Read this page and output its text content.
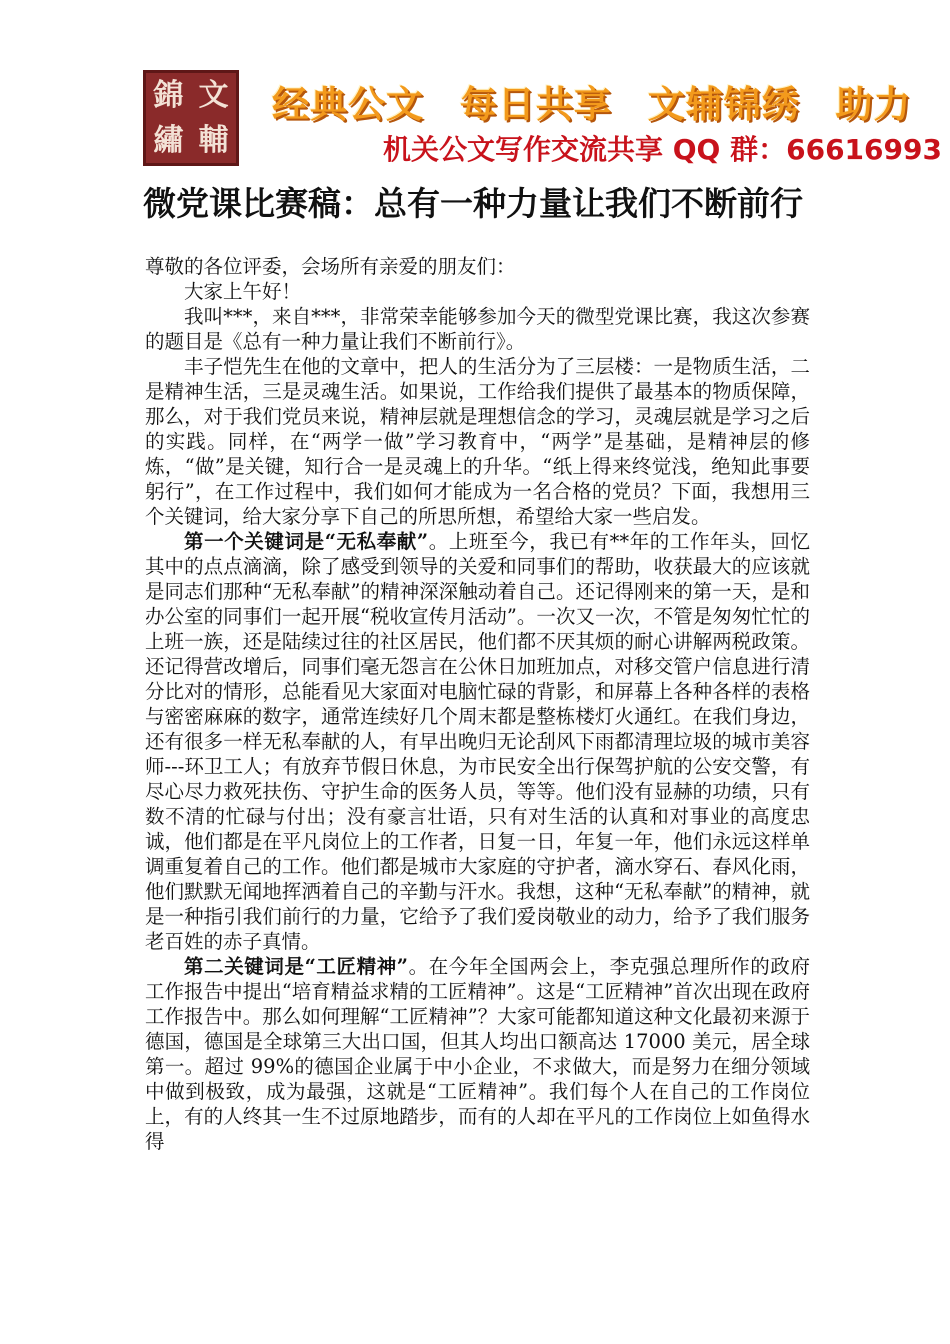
錦 文
繡 輔
经典公文 每日共享 文辅锦绣 助力
机关公文写作交流共享 QQ 群：66616993
微党课比赛稿：总有一种力量让我们不断前行

尊敬的各位评委，会场所有亲爱的朋友们：

大家上午好！

我叫***，来自***，非常荣幸能够参加今天的微型党课比赛，我这次参赛的题目是《总有一种力量让我们不断前行》。

丰子恺先生在他的文章中，把人的生活分为了三层楼：一是物质生活，二是精神生活，三是灵魂生活。如果说，工作给我们提供了最基本的物质保障，那么，对于我们党员来说，精神层就是理想信念的学习，灵魂层就是学习之后的实践。同样，在“两学一做”学习教育中，“两学”是基础，是精神层的修炼，“做”是关键，知行合一是灵魂上的升华。“纸上得来终觉浅，绝知此事要躬行”，在工作过程中，我们如何才能成为一名合格的党员？下面，我想用三个关键词，给大家分享下自己的所思所想，希望给大家一些启发。

第一个关键词是“无私奉献”。上班至今，我已有**年的工作年头，回忆其中的点点滴滴，除了感受到领导的关爱和同事们的帮助，收获最大的应该就是同志们那种“无私奉献”的精神深深触动着自己。还记得刚来的第一天，是和办公室的同事们一起开展“税收宣传月活动”。一次又一次，不管是匆匆忙忙的上班一族，还是陆续过往的社区居民，他们都不厌其烦的耐心讲解两税政策。还记得营改增后，同事们毫无怨言在公休日加班加点，对移交管户信息进行清分比对的情形，总能看见大家面对电脑忙碌的背影，和屏幕上各种各样的表格与密密麻麻的数字，通常连续好几个周末都是整栋楼灯火通红。在我们身边，还有很多一样无私奉献的人，有早出晚归无论刮风下雨都清理垃圾的城市美容师---环卫工人；有放弃节假日休息，为市民安全出行保驾护航的公安交警，有尽心尽力救死扶伤、守护生命的医务人员，等等。他们没有显赫的功绩，只有数不清的忙碌与付出；没有豪言壮语，只有对生活的认真和对事业的高度忠诚，他们都是在平凡岗位上的工作者，日复一日，年复一年，他们永远这样单调重复着自己的工作。他们都是城市大家庭的守护者，滴水穿石、春风化雨，他们默默无闻地挥洒着自己的辛勤与汗水。我想，这种“无私奉献”的精神，就是一种指引我们前行的力量，它给予了我们爱岗敬业的动力，给予了我们服务老百姓的赤子真情。

第二关键词是“工匠精神”。在今年全国两会上，李克强总理所作的政府工作报告中提出“培育精益求精的工匠精神”。这是“工匠精神”首次出现在政府工作报告中。那么如何理解“工匠精神”？大家可能都知道这种文化最初来源于德国，德国是全球第三大出口国，但其人均出口额高达 17000 美元，居全球第一。超过 99%的德国企业属于中小企业，不求做大，而是努力在细分领域中做到极致，成为最强，这就是“工匠精神”。我们每个人在自己的工作岗位上，有的人终其一生不过原地踏步，而有的人却在平凡的工作岗位上如鱼得水得
